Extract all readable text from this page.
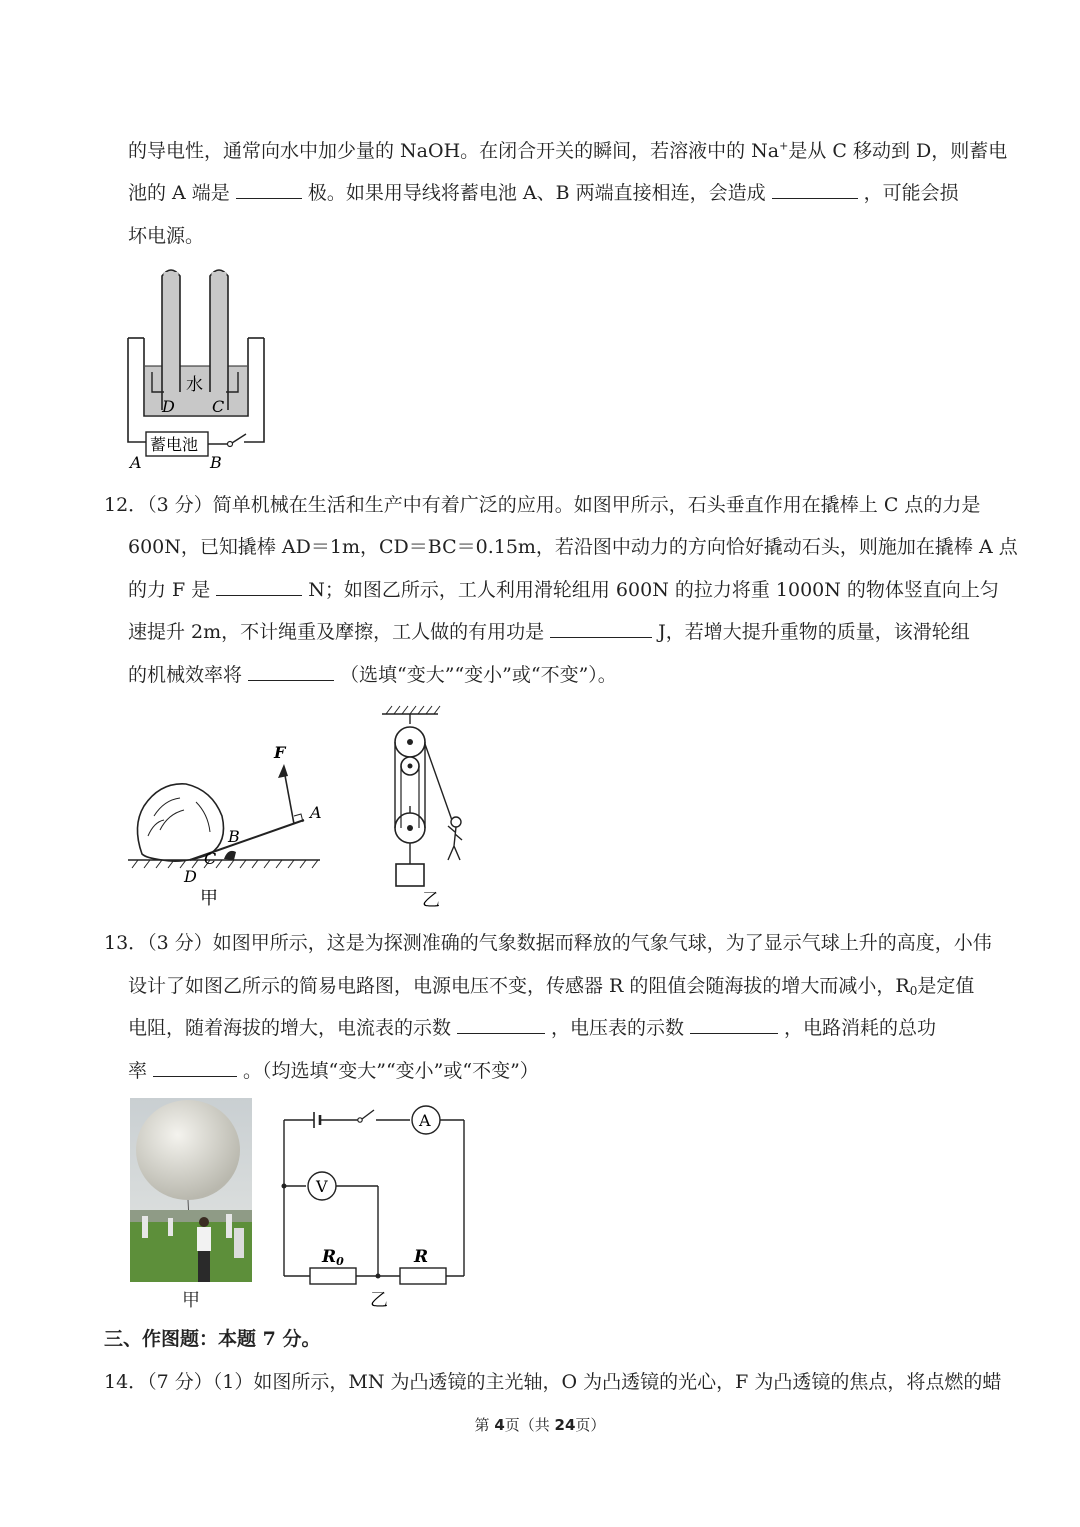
的导电性，通常向水中加少量的 NaOH。在闭合开关的瞬间，若溶液中的 Na+是从 C 移动到 D，则蓄电
池的 A 端是	极。如果用导线将蓄电池 A、B 两端直接相连，会造成	，可能会损
坏电源。
水
D C
蓄电池
A	B
12．（3 分）简单机械在生活和生产中有着广泛的应用。如图甲所示，石头垂直作用在撬棒上 C 点的力是
600N，已知撬棒 AD＝1m，CD＝BC＝0.15m，若沿图中动力的方向恰好撬动石头，则施加在撬棒 A 点
的力 F 是	N；如图乙所示，工人利用滑轮组用 600N 的拉力将重 1000N 的物体竖直向上匀
速提升 2m，不计绳重及摩擦，工人做的有用功是	J，若增大提升重物的质量，该滑轮组
的机械效率将	（选填“变大”“变小”或“不变”）。
F
A
B
C
D
甲	乙
13．（3 分）如图甲所示，这是为探测准确的气象数据而释放的气象气球，为了显示气球上升的高度，小伟
设计了如图乙所示的简易电路图，电源电压不变，传感器 R 的阻值会随海拔的增大而减小，$R_0$是定值
电阻，随着海拔的增大，电流表的示数	，电压表的示数	，电路消耗的总功
率	。（均选填“变大”“变小”或“不变”）
甲
A
V
R0	R
乙
三、作图题：本题 7 分。
14．（7 分）（1）如图所示，MN 为凸透镜的主光轴，O 为凸透镜的光心，F 为凸透镜的焦点，将点燃的蜡
第 4页（共 24页）
